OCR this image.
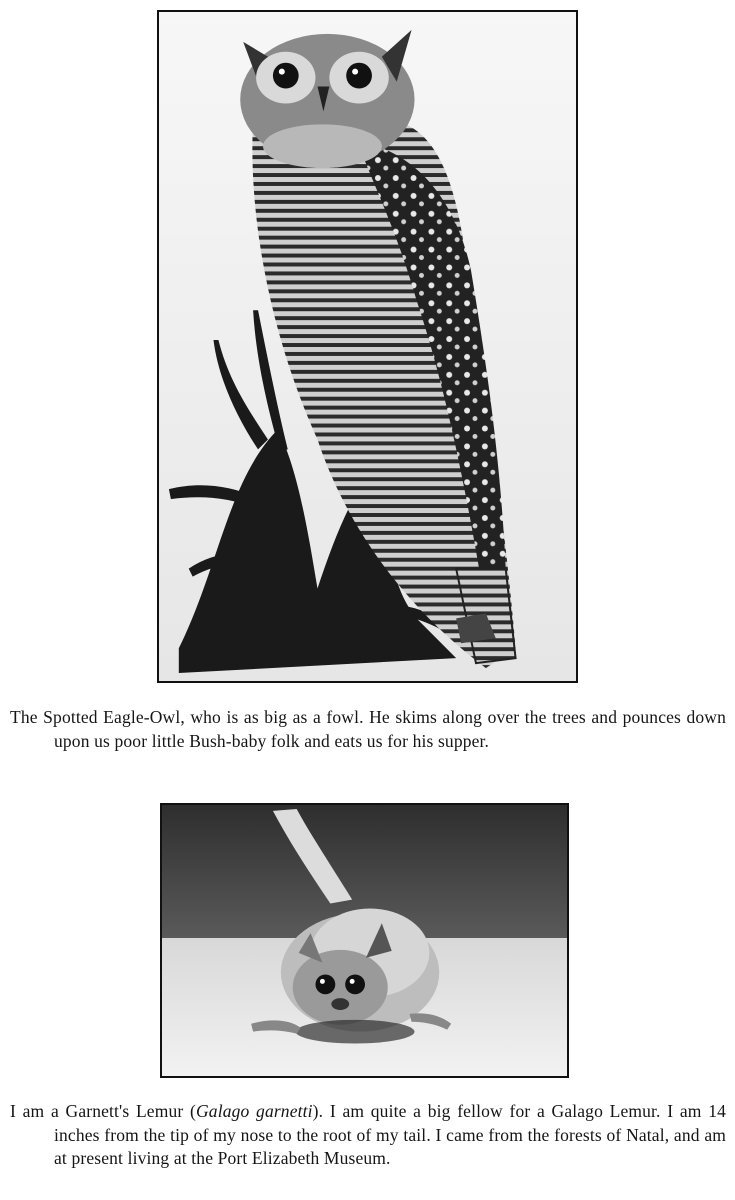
The Spotted Eagle-Owl, who is as big as a fowl. He skims along over the trees and pounces down upon us poor little Bush-baby folk and eats us for his supper.

I am a Garnett's Lemur (Galago garnetti). I am quite a big fellow for a Galago Lemur. I am 14 inches from the tip of my nose to the root of my tail. I came from the forests of Natal, and am at present living at the Port Elizabeth Museum.
